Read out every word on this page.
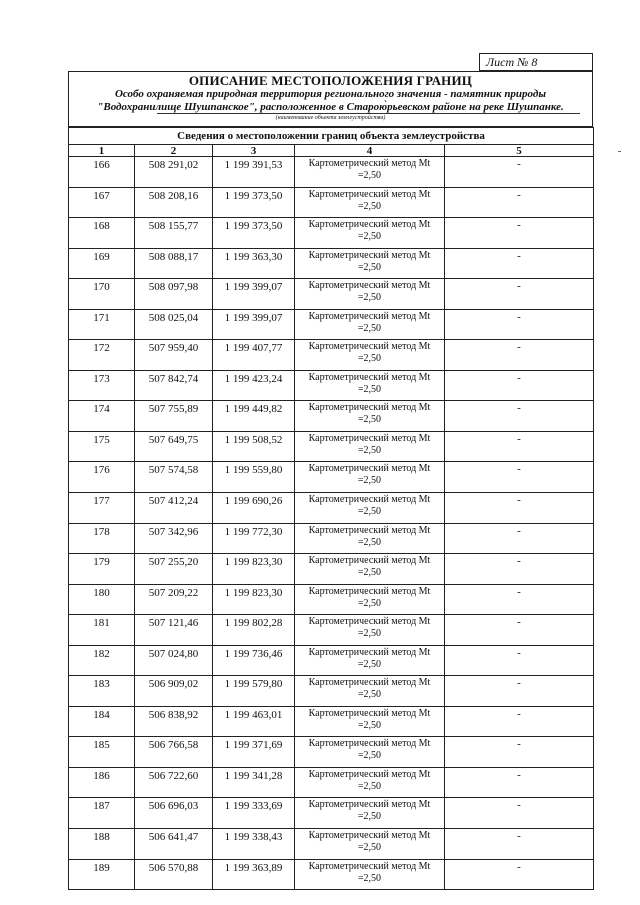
Лист № 8
ОПИСАНИЕ МЕСТОПОЛОЖЕНИЯ ГРАНИЦ
Особо охраняемая природная территория регионального значения - памятник природы
"Водохранилище Шушпанское", расположенное в Старою̀рьевском районе на реке Шушпанке.
(наименование объекта землеустройства)
Сведения о местоположении границ объекта землеустройства				
1	2	3	4	5
166	508 291,02	1 199 391,53	Картометрический метод Mt
=2,50	-
167	508 208,16	1 199 373,50	Картометрический метод Mt
=2,50	-
168	508 155,77	1 199 373,50	Картометрический метод Mt
=2,50	-
169	508 088,17	1 199 363,30	Картометрический метод Mt
=2,50	-
170	508 097,98	1 199 399,07	Картометрический метод Mt
=2,50	-
171	508 025,04	1 199 399,07	Картометрический метод Mt
=2,50	-
172	507 959,40	1 199 407,77	Картометрический метод Mt
=2,50	-
173	507 842,74	1 199 423,24	Картометрический метод Mt
=2,50	-
174	507 755,89	1 199 449,82	Картометрический метод Mt
=2,50	-
175	507 649,75	1 199 508,52	Картометрический метод Mt
=2,50	-
176	507 574,58	1 199 559,80	Картометрический метод Mt
=2,50	-
177	507 412,24	1 199 690,26	Картометрический метод Mt
=2,50	-
178	507 342,96	1 199 772,30	Картометрический метод Mt
=2,50	-
179	507 255,20	1 199 823,30	Картометрический метод Mt
=2,50	-
180	507 209,22	1 199 823,30	Картометрический метод Mt
=2,50	-
181	507 121,46	1 199 802,28	Картометрический метод Mt
=2,50	-
182	507 024,80	1 199 736,46	Картометрический метод Mt
=2,50	-
183	506 909,02	1 199 579,80	Картометрический метод Mt
=2,50	-
184	506 838,92	1 199 463,01	Картометрический метод Mt
=2,50	-
185	506 766,58	1 199 371,69	Картометрический метод Mt
=2,50	-
186	506 722,60	1 199 341,28	Картометрический метод Mt
=2,50	-
187	506 696,03	1 199 333,69	Картометрический метод Mt
=2,50	-
188	506 641,47	1 199 338,43	Картометрический метод Mt
=2,50	-
189	506 570,88	1 199 363,89	Картометрический метод Mt
=2,50	-
